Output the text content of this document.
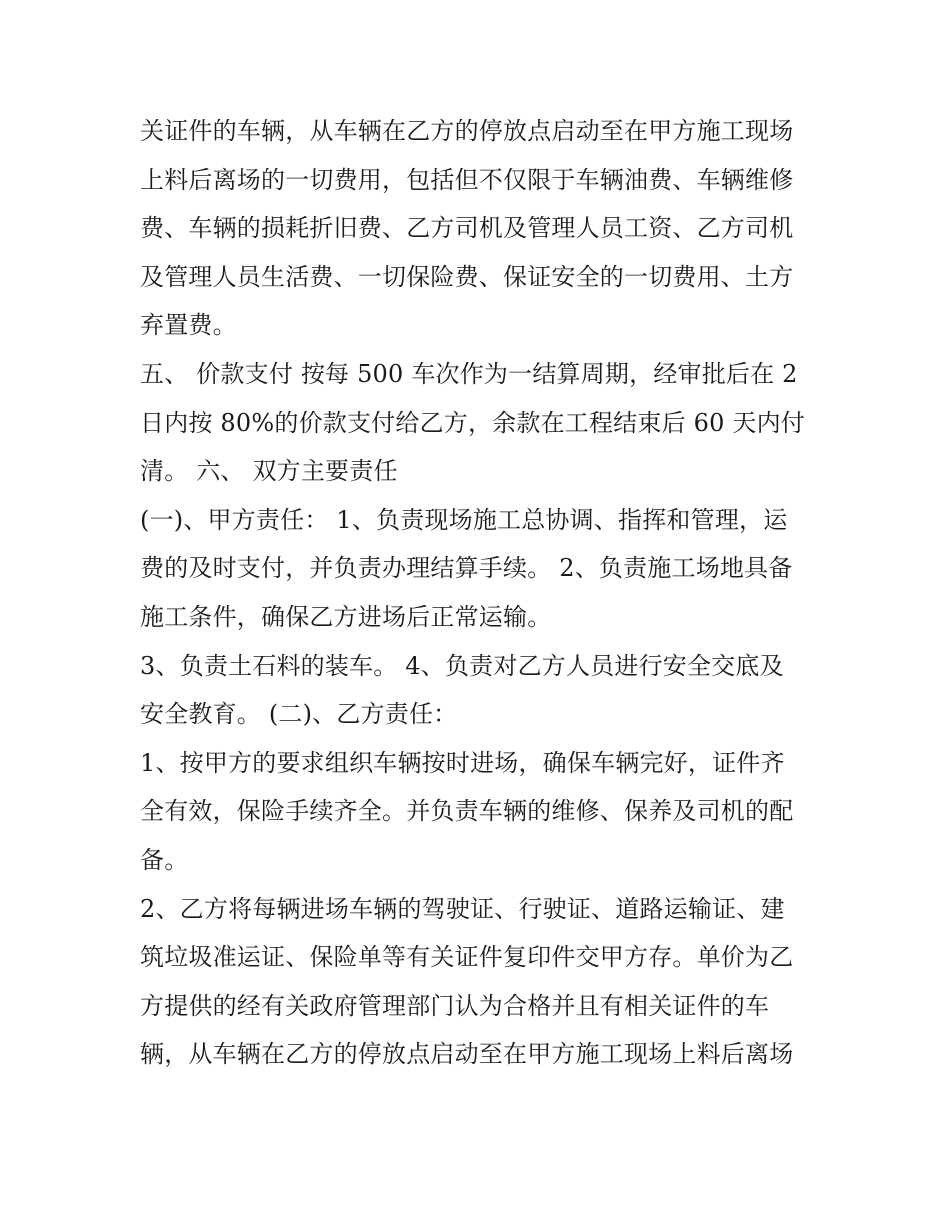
关证件的车辆，从车辆在乙方的停放点启动至在甲方施工现场
上料后离场的一切费用，包括但不仅限于车辆油费、车辆维修
费、车辆的损耗折旧费、乙方司机及管理人员工资、乙方司机
及管理人员生活费、一切保险费、保证安全的一切费用、土方
弃置费。
五、 价款支付 按每 500 车次作为一结算周期，经审批后在 2
日内按 80%的价款支付给乙方，余款在工程结束后 60 天内付
清。 六、 双方主要责任
(一)、甲方责任： 1、负责现场施工总协调、指挥和管理，运
费的及时支付，并负责办理结算手续。 2、负责施工场地具备
施工条件，确保乙方进场后正常运输。
3、负责土石料的装车。 4、负责对乙方人员进行安全交底及
安全教育。 (二)、乙方责任：
1、按甲方的要求组织车辆按时进场，确保车辆完好，证件齐
全有效，保险手续齐全。并负责车辆的维修、保养及司机的配
备。
2、乙方将每辆进场车辆的驾驶证、行驶证、道路运输证、建
筑垃圾准运证、保险单等有关证件复印件交甲方存。单价为乙
方提供的经有关政府管理部门认为合格并且有相关证件的车
辆，从车辆在乙方的停放点启动至在甲方施工现场上料后离场
